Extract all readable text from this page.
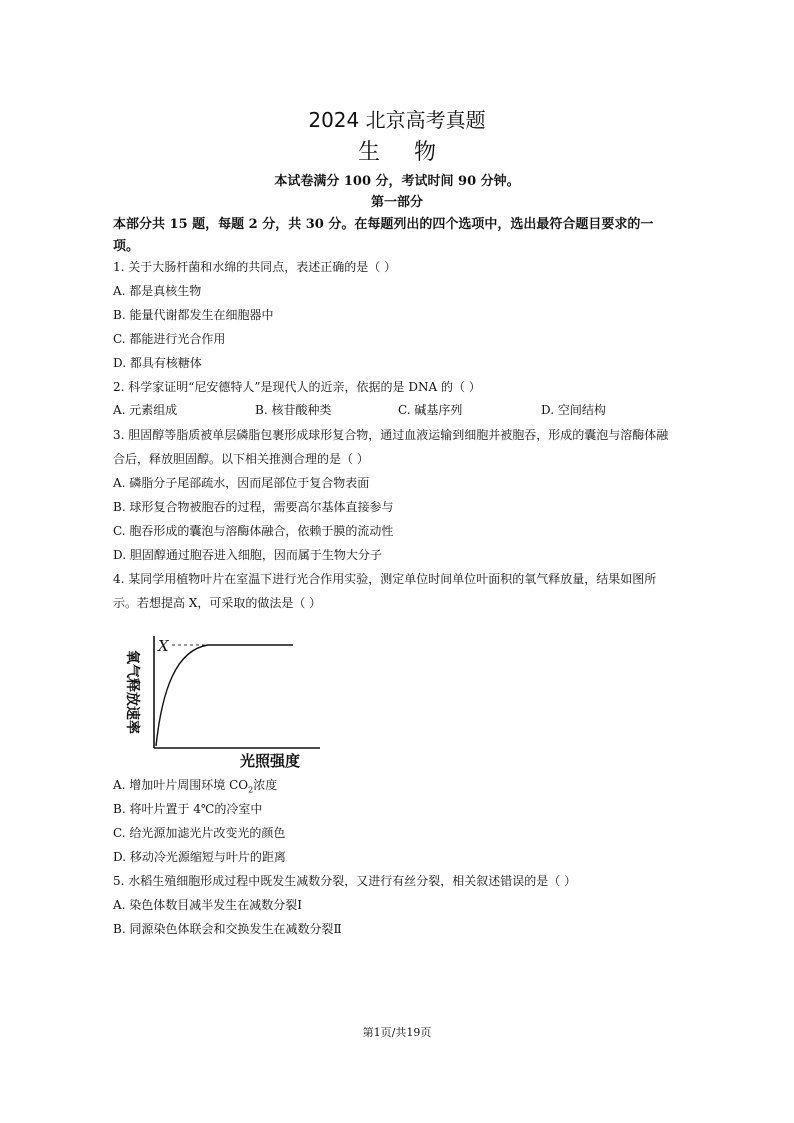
2024 北京高考真题
生物
本试卷满分 100 分，考试时间 90 分钟。
第一部分
本部分共 15 题，每题 2 分，共 30 分。在每题列出的四个选项中，选出最符合题目要求的一
项。
1. 关于大肠杆菌和水绵的共同点，表述正确的是（ ）
A. 都是真核生物
B. 能量代谢都发生在细胞器中
C. 都能进行光合作用
D. 都具有核糖体
2. 科学家证明“尼安德特人”是现代人的近亲，依据的是 DNA 的（ ）
A. 元素组成	B. 核苷酸种类	C. 碱基序列	D. 空间结构
3. 胆固醇等脂质被单层磷脂包裹形成球形复合物，通过血液运输到细胞并被胞吞，形成的囊泡与溶酶体融
合后，释放胆固醇。以下相关推测合理的是（ ）
A. 磷脂分子尾部疏水，因而尾部位于复合物表面
B. 球形复合物被胞吞的过程，需要高尔基体直接参与
C. 胞吞形成的囊泡与溶酶体融合，依赖于膜的流动性
D. 胆固醇通过胞吞进入细胞，因而属于生物大分子
4. 某同学用植物叶片在室温下进行光合作用实验，测定单位时间单位叶面积的氧气释放量，结果如图所
示。若想提高 X，可采取的做法是（ ）
X
氧气释放速率
光照强度
A. 增加叶片周围环境 $CO_2$浓度
B. 将叶片置于 4℃的冷室中
C. 给光源加滤光片改变光的颜色
D. 移动冷光源缩短与叶片的距离
5. 水稻生殖细胞形成过程中既发生减数分裂，又进行有丝分裂，相关叙述错误的是（ ）
A. 染色体数目减半发生在减数分裂Ⅰ
B. 同源染色体联会和交换发生在减数分裂Ⅱ
第1页/共19页
